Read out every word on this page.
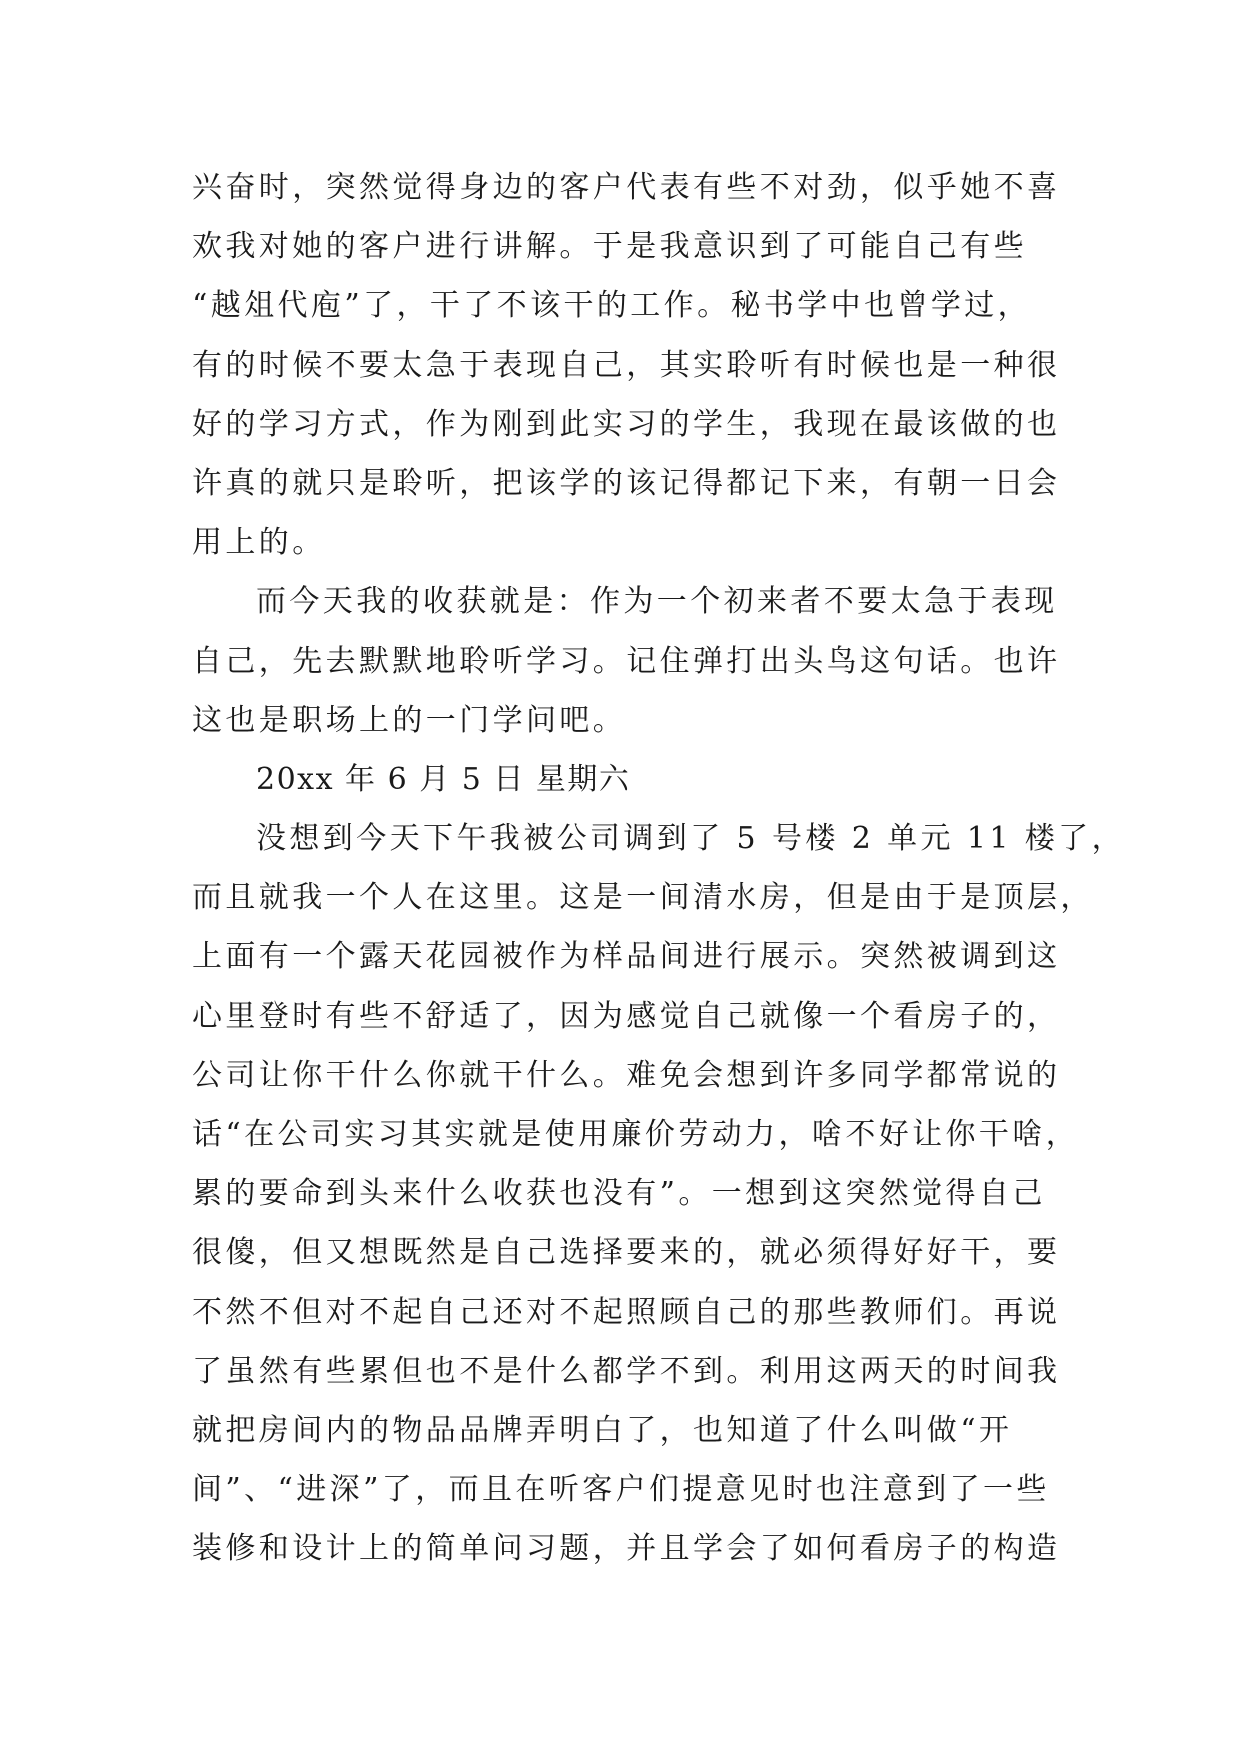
兴奋时，突然觉得身边的客户代表有些不对劲，似乎她不喜
欢我对她的客户进行讲解。于是我意识到了可能自己有些
“越俎代庖”了，干了不该干的工作。秘书学中也曾学过，
有的时候不要太急于表现自己，其实聆听有时候也是一种很
好的学习方式，作为刚到此实习的学生，我现在最该做的也
许真的就只是聆听，把该学的该记得都记下来，有朝一日会
用上的。
而今天我的收获就是：作为一个初来者不要太急于表现
自己，先去默默地聆听学习。记住弹打出头鸟这句话。也许
这也是职场上的一门学问吧。
20xx 年 6 月 5 日 星期六
没想到今天下午我被公司调到了 5 号楼 2 单元 11 楼了，
而且就我一个人在这里。这是一间清水房，但是由于是顶层，
上面有一个露天花园被作为样品间进行展示。突然被调到这
心里登时有些不舒适了，因为感觉自己就像一个看房子的，
公司让你干什么你就干什么。难免会想到许多同学都常说的
话“在公司实习其实就是使用廉价劳动力，啥不好让你干啥，
累的要命到头来什么收获也没有”。一想到这突然觉得自己
很傻，但又想既然是自己选择要来的，就必须得好好干，要
不然不但对不起自己还对不起照顾自己的那些教师们。再说
了虽然有些累但也不是什么都学不到。利用这两天的时间我
就把房间内的物品品牌弄明白了，也知道了什么叫做“开
间”、“进深”了，而且在听客户们提意见时也注意到了一些
装修和设计上的简单问习题，并且学会了如何看房子的构造
